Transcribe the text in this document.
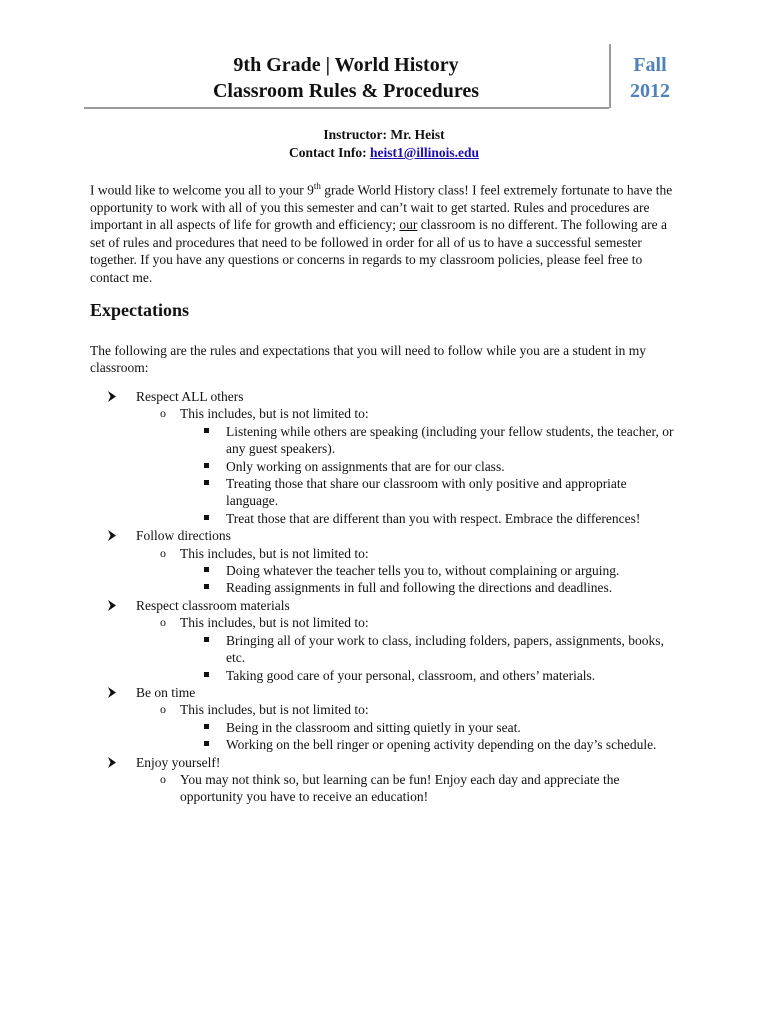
9th Grade | World History
Classroom Rules & Procedures
Fall
2012
Instructor: Mr. Heist
Contact Info: heist1@illinois.edu
I would like to welcome you all to your 9th grade World History class! I feel extremely fortunate to have the opportunity to work with all of you this semester and can’t wait to get started. Rules and procedures are important in all aspects of life for growth and efficiency; our classroom is no different. The following are a set of rules and procedures that need to be followed in order for all of us to have a successful semester together. If you have any questions or concerns in regards to my classroom policies, please feel free to contact me.
Expectations
The following are the rules and expectations that you will need to follow while you are a student in my classroom:
Respect ALL others
o This includes, but is not limited to:
Listening while others are speaking (including your fellow students, the teacher, or any guest speakers).
Only working on assignments that are for our class.
Treating those that share our classroom with only positive and appropriate language.
Treat those that are different than you with respect. Embrace the differences!
Follow directions
o This includes, but is not limited to:
Doing whatever the teacher tells you to, without complaining or arguing.
Reading assignments in full and following the directions and deadlines.
Respect classroom materials
o This includes, but is not limited to:
Bringing all of your work to class, including folders, papers, assignments, books, etc.
Taking good care of your personal, classroom, and others’ materials.
Be on time
o This includes, but is not limited to:
Being in the classroom and sitting quietly in your seat.
Working on the bell ringer or opening activity depending on the day’s schedule.
Enjoy yourself!
o You may not think so, but learning can be fun! Enjoy each day and appreciate the opportunity you have to receive an education!
